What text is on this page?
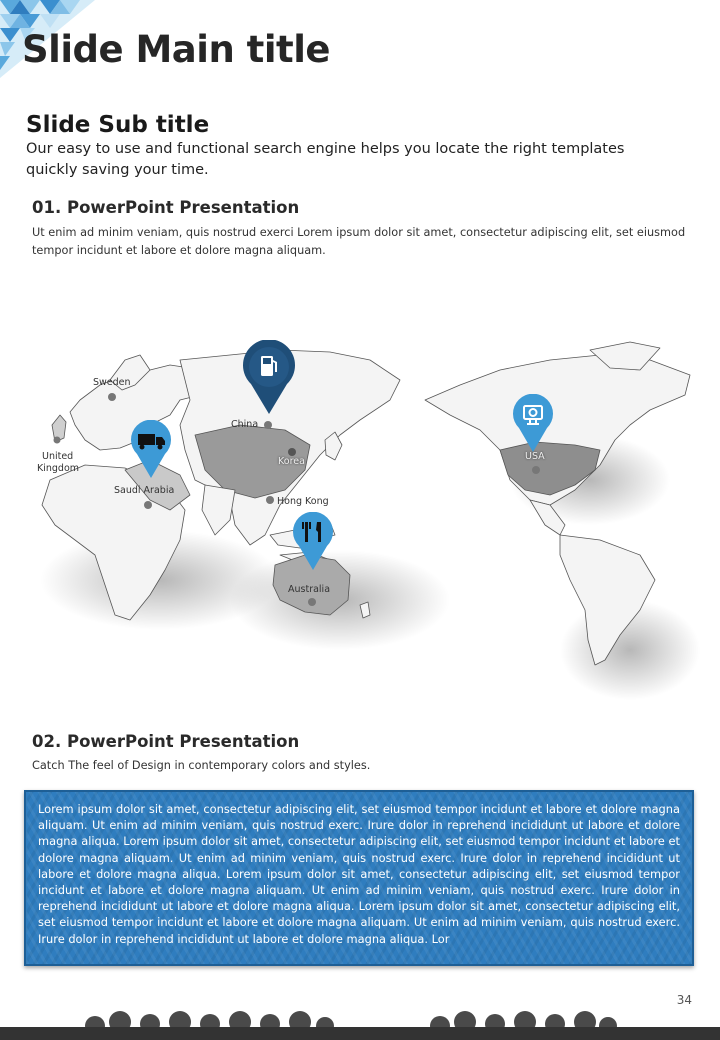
Slide Main title
Slide Sub title

Our easy to use and functional search engine helps you locate the right templates quickly saving your time.

01. PowerPoint Presentation

Ut enim ad minim veniam, quis nostrud exerci Lorem ipsum dolor sit amet, consectetur adipiscing elit, set eiusmod tempor incidunt et labore et dolore magna aliquam.

Sweden
United
Kingdom
Saudi Arabia
China
Korea
Hong Kong
Australia
USA
02. PowerPoint Presentation

Catch The feel of Design in contemporary colors and styles.

Lorem ipsum dolor sit amet, consectetur adipiscing elit, set eiusmod tempor incidunt et labore et dolore magna aliquam. Ut enim ad minim veniam, quis nostrud exerc. Irure dolor in reprehend incididunt ut labore et dolore magna aliqua. Lorem ipsum dolor sit amet, consectetur adipiscing elit, set eiusmod tempor incidunt et labore et dolore magna aliquam. Ut enim ad minim veniam, quis nostrud exerc. Irure dolor in reprehend incididunt ut labore et dolore magna aliqua. Lorem ipsum dolor sit amet, consectetur adipiscing elit, set eiusmod tempor incidunt et labore et dolore magna aliquam. Ut enim ad minim veniam, quis nostrud exerc. Irure dolor in reprehend incididunt ut labore et dolore magna aliqua. Lorem ipsum dolor sit amet, consectetur adipiscing elit, set eiusmod tempor incidunt et labore et dolore magna aliquam. Ut enim ad minim veniam, quis nostrud exerc. Irure dolor in reprehend incididunt ut labore et dolore magna aliqua. Lor
34
